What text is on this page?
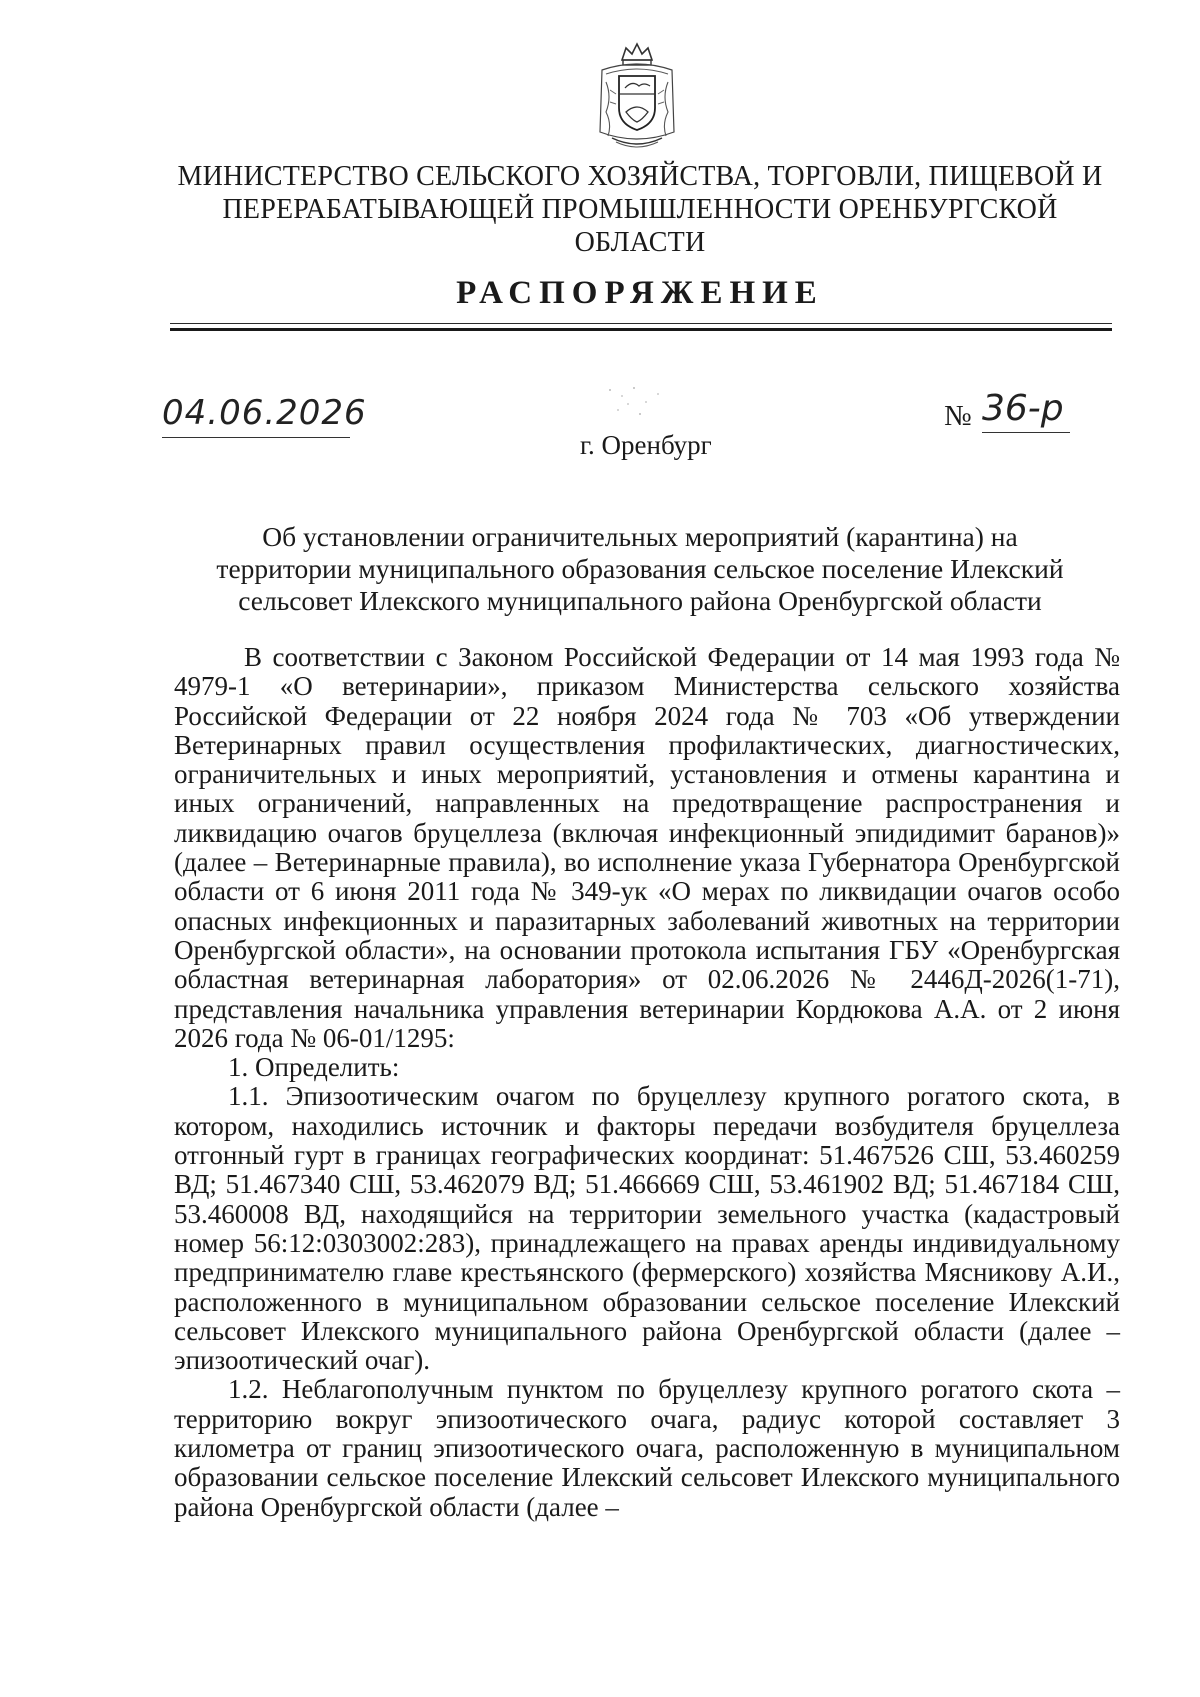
МИНИСТЕРСТВО СЕЛЬСКОГО ХОЗЯЙСТВА, ТОРГОВЛИ, ПИЩЕВОЙ И
ПЕРЕРАБАТЫВАЮЩЕЙ ПРОМЫШЛЕННОСТИ ОРЕНБУРГСКОЙ
ОБЛАСТИ
РАСПОРЯЖЕНИЕ
04.06.2026	№ 36-р
г. Оренбург
Об установлении ограничительных мероприятий (карантина) на
территории муниципального образования сельское поселение Илекский
сельсовет Илекского муниципального района Оренбургской области

В соответствии с Законом Российской Федерации от 14 мая 1993 года № 4979-1 «О ветеринарии», приказом Министерства сельского хозяйства Российской Федерации от 22 ноября 2024 года № 703 «Об утверждении Ветеринарных правил осуществления профилактических, диагностических, ограничительных и иных мероприятий, установления и отмены карантина и иных ограничений, направленных на предотвращение распространения и ликвидацию очагов бруцеллеза (включая инфекционный эпидидимит баранов)» (далее – Ветеринарные правила), во исполнение указа Губернатора Оренбургской области от 6 июня 2011 года № 349-ук «О мерах по ликвидации очагов особо опасных инфекционных и паразитарных заболеваний животных на территории Оренбургской области», на основании протокола испытания ГБУ «Оренбургская областная ветеринарная лаборатория» от 02.06.2026 № 2446Д-2026(1-71), представления начальника управления ветеринарии Кордюкова А.А. от 2 июня 2026 года № 06-01/1295:

1. Определить:

1.1. Эпизоотическим очагом по бруцеллезу крупного рогатого скота, в котором, находились источник и факторы передачи возбудителя бруцеллеза отгонный гурт в границах географических координат: 51.467526 СШ, 53.460259 ВД; 51.467340 СШ, 53.462079 ВД; 51.466669 СШ, 53.461902 ВД; 51.467184 СШ, 53.460008 ВД, находящийся на территории земельного участка (кадастровый номер 56:12:0303002:283), принадлежащего на правах аренды индивидуальному предпринимателю главе крестьянского (фермерского) хозяйства Мясникову А.И., расположенного в муниципальном образовании сельское поселение Илекский сельсовет Илекского муниципального района Оренбургской области (далее – эпизоотический очаг).

1.2. Неблагополучным пунктом по бруцеллезу крупного рогатого скота – территорию вокруг эпизоотического очага, радиус которой составляет 3 километра от границ эпизоотического очага, расположенную в муниципальном образовании сельское поселение Илекский сельсовет Илекского муниципального района Оренбургской области (далее –
